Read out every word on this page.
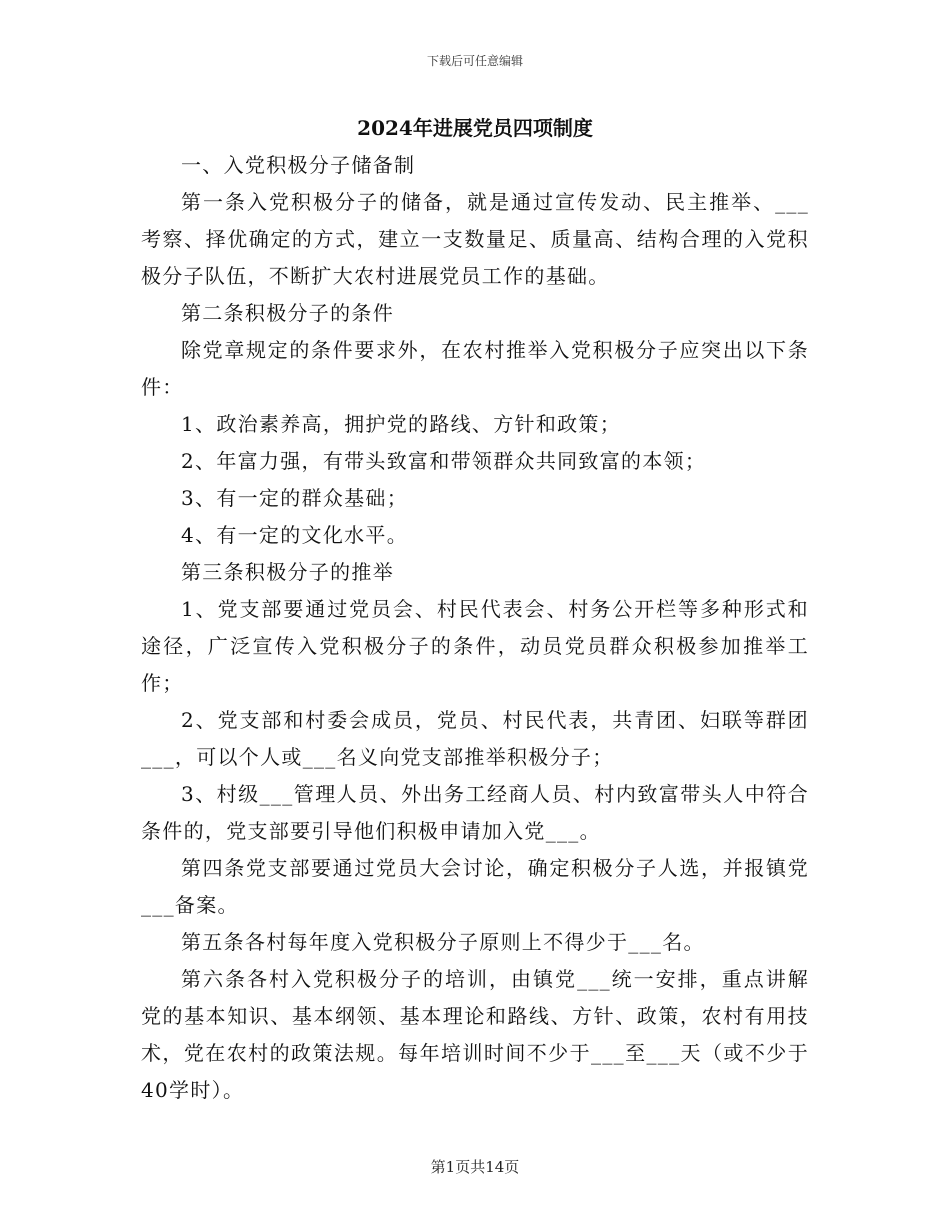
下载后可任意编辑
2024年进展党员四项制度

一、入党积极分子储备制

第一条入党积极分子的储备，就是通过宣传发动、民主推举、___考察、择优确定的方式，建立一支数量足、质量高、结构合理的入党积极分子队伍，不断扩大农村进展党员工作的基础。

第二条积极分子的条件

除党章规定的条件要求外，在农村推举入党积极分子应突出以下条件：

1、政治素养高，拥护党的路线、方针和政策；

2、年富力强，有带头致富和带领群众共同致富的本领；

3、有一定的群众基础；

4、有一定的文化水平。

第三条积极分子的推举

1、党支部要通过党员会、村民代表会、村务公开栏等多种形式和途径，广泛宣传入党积极分子的条件，动员党员群众积极参加推举工作；

2、党支部和村委会成员，党员、村民代表，共青团、妇联等群团___，可以个人或___名义向党支部推举积极分子；

3、村级___管理人员、外出务工经商人员、村内致富带头人中符合条件的，党支部要引导他们积极申请加入党___。

第四条党支部要通过党员大会讨论，确定积极分子人选，并报镇党___备案。

第五条各村每年度入党积极分子原则上不得少于___名。

第六条各村入党积极分子的培训，由镇党___统一安排，重点讲解党的基本知识、基本纲领、基本理论和路线、方针、政策，农村有用技术，党在农村的政策法规。每年培训时间不少于___至___天（或不少于40学时）。

第1页共14页
